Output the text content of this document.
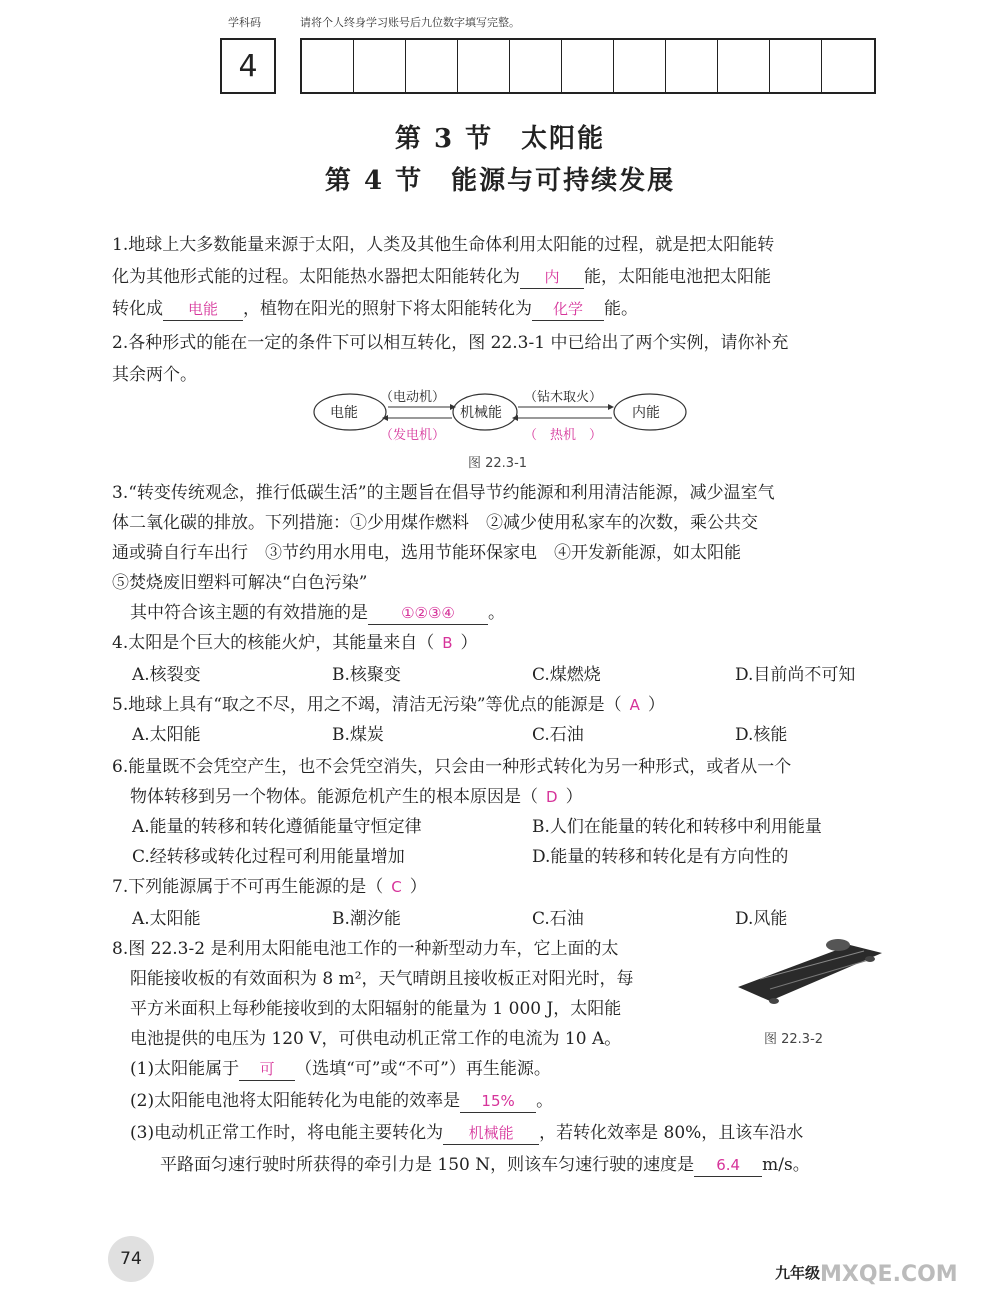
学科码	请将个人终身学习账号后九位数字填写完整。
4
第 3 节　太阳能
第 4 节　能源与可持续发展
1.地球上大多数能量来源于太阳，人类及其他生命体利用太阳能的过程，就是把太阳能转
化为其他形式能的过程。太阳能热水器把太阳能转化为 内 能，太阳能电池把太阳能
转化成 电能 ，植物在阳光的照射下将太阳能转化为 化学 能。
2.各种形式的能在一定的条件下可以相互转化，图 22.3-1 中已给出了两个实例，请你补充
其余两个。
电能	机械能	内能
（电动机）	（钻木取火）
（发电机）	（　热机　）
图 22.3-1
3.“转变传统观念，推行低碳生活”的主题旨在倡导节约能源和利用清洁能源，减少温室气
体二氧化碳的排放。下列措施：①少用煤作燃料　②减少使用私家车的次数，乘公共交
通或骑自行车出行　③节约用水用电，选用节能环保家电　④开发新能源，如太阳能
⑤焚烧废旧塑料可解决“白色污染”
其中符合该主题的有效措施的是 ①②③④ 。
4.太阳是个巨大的核能火炉，其能量来自（ B ）
A.核裂变	B.核聚变	C.煤燃烧	D.目前尚不可知
5.地球上具有“取之不尽，用之不竭，清洁无污染”等优点的能源是（ A ）
A.太阳能	B.煤炭	C.石油	D.核能
6.能量既不会凭空产生，也不会凭空消失，只会由一种形式转化为另一种形式，或者从一个
物体转移到另一个物体。能源危机产生的根本原因是（ D ）
A.能量的转移和转化遵循能量守恒定律	B.人们在能量的转化和转移中利用能量
C.经转移或转化过程可利用能量增加	D.能量的转移和转化是有方向性的
7.下列能源属于不可再生能源的是（ C ）
A.太阳能	B.潮汐能	C.石油	D.风能
8.图 22.3-2 是利用太阳能电池工作的一种新型动力车，它上面的太
阳能接收板的有效面积为 8 m²，天气晴朗且接收板正对阳光时，每
平方米面积上每秒能接收到的太阳辐射的能量为 1 000 J，太阳能
电池提供的电压为 120 V，可供电动机正常工作的电流为 10 A。	图 22.3-2
(1)太阳能属于 可 （选填“可”或“不可”）再生能源。
(2)太阳能电池将太阳能转化为电能的效率是 15% 。
(3)电动机正常工作时，将电能主要转化为 机械能 ，若转化效率是 80%，且该车沿水
平路面匀速行驶时所获得的牵引力是 150 N，则该车匀速行驶的速度是 6.4 m/s。
74
九年级 MXQE.COM
